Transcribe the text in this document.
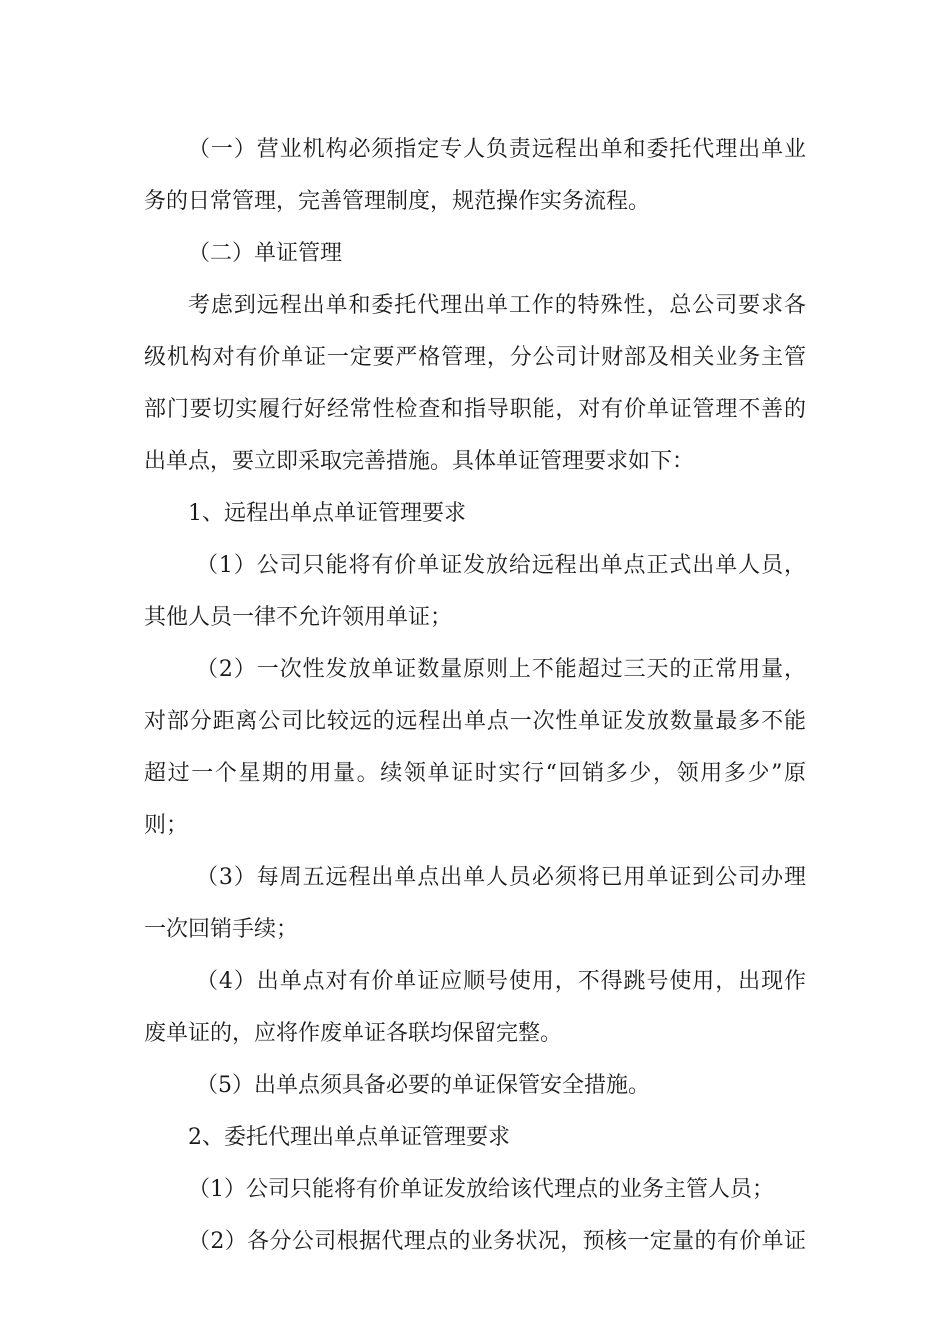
（一）营业机构必须指定专人负责远程出单和委托代理出单业
务的日常管理，完善管理制度，规范操作实务流程。
（二）单证管理
考虑到远程出单和委托代理出单工作的特殊性，总公司要求各
级机构对有价单证一定要严格管理，分公司计财部及相关业务主管
部门要切实履行好经常性检查和指导职能，对有价单证管理不善的
出单点，要立即采取完善措施。具体单证管理要求如下：
1、远程出单点单证管理要求
（1）公司只能将有价单证发放给远程出单点正式出单人员，
其他人员一律不允许领用单证；
（2）一次性发放单证数量原则上不能超过三天的正常用量，
对部分距离公司比较远的远程出单点一次性单证发放数量最多不能
超过一个星期的用量。续领单证时实行“回销多少，领用多少”原
则；
（3）每周五远程出单点出单人员必须将已用单证到公司办理
一次回销手续；
（4）出单点对有价单证应顺号使用，不得跳号使用，出现作
废单证的，应将作废单证各联均保留完整。
（5）出单点须具备必要的单证保管安全措施。
2、委托代理出单点单证管理要求
（1）公司只能将有价单证发放给该代理点的业务主管人员；
（2）各分公司根据代理点的业务状况，预核一定量的有价单证
